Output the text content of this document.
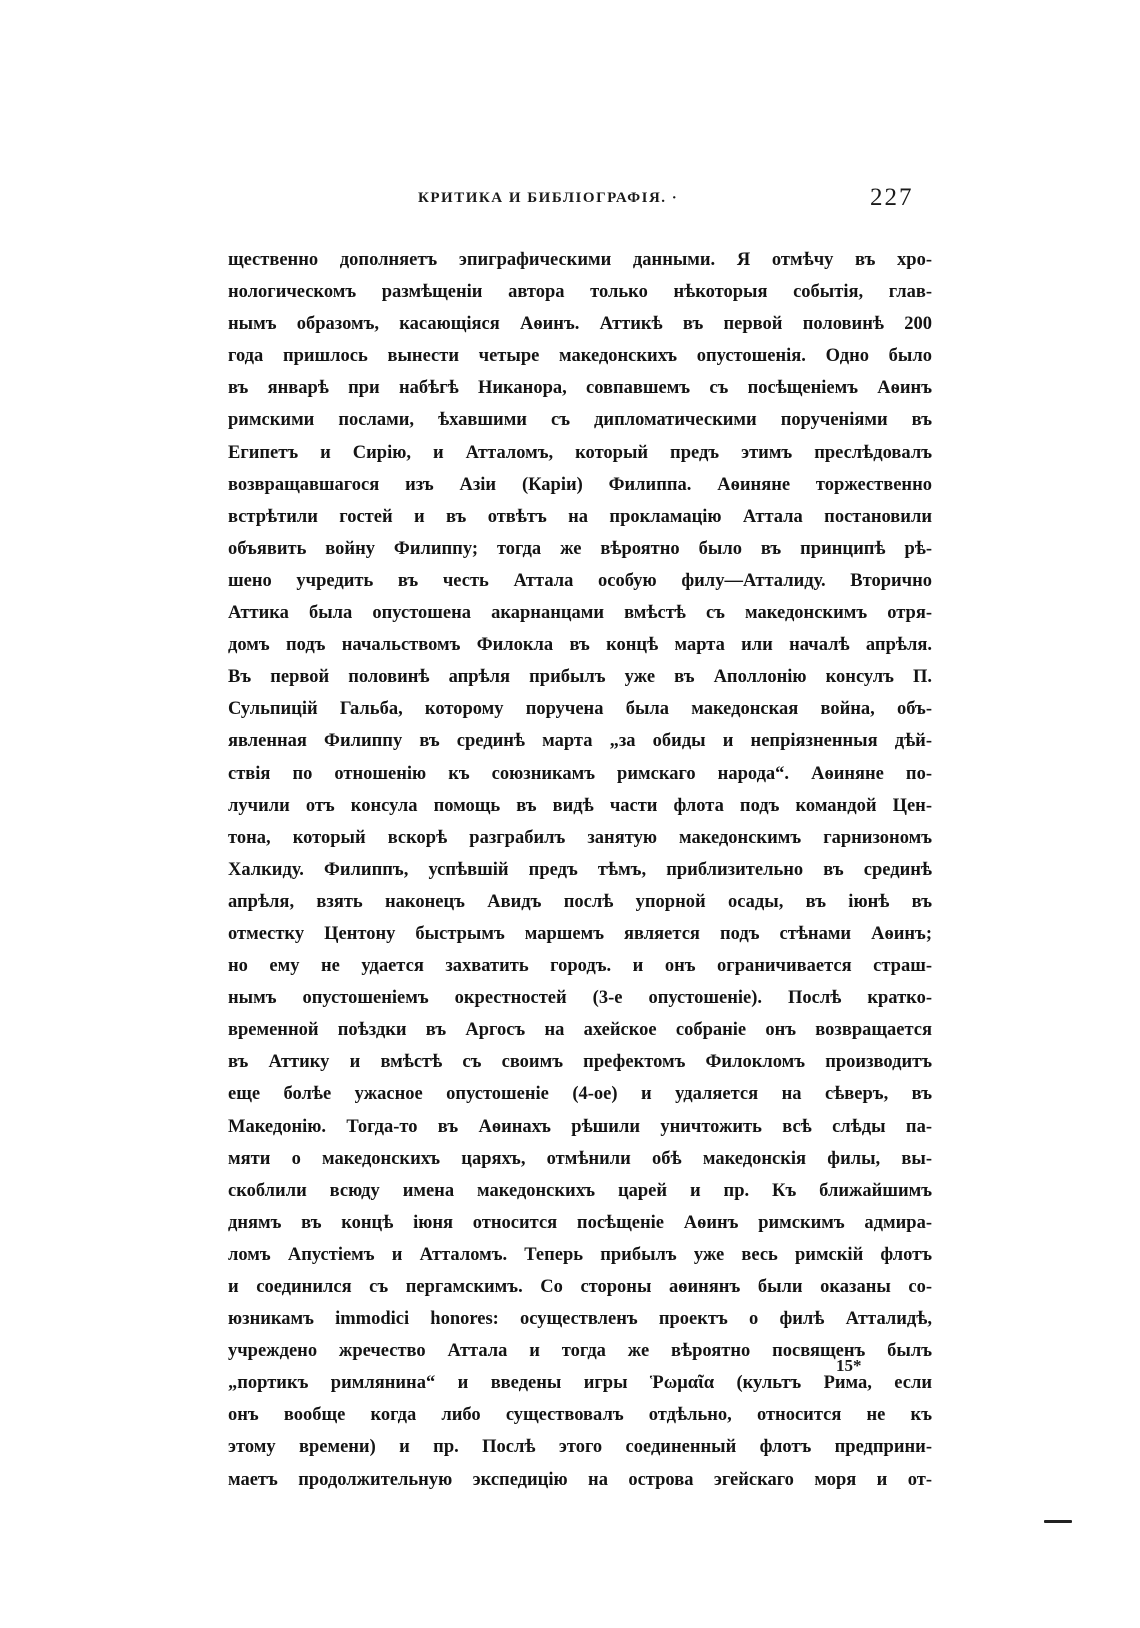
КРИТИКА И БИБЛІОГРАФІЯ. ·	227
щественно дополняетъ эпиграфическими данными. Я отмѣчу въ хро-
нологическомъ размѣщеніи автора только нѣкоторыя событія, глав-
нымъ образомъ, касающіяся Аѳинъ. Аттикѣ въ первой половинѣ 200
года пришлось вынести четыре македонскихъ опустошенія. Одно было
въ январѣ при набѣгѣ Никанора, совпавшемъ съ посѣщеніемъ Аѳинъ
римскими послами, ѣхавшими съ дипломатическими порученіями въ
Египетъ и Сирію, и Атталомъ, который предъ этимъ преслѣдовалъ
возвращавшагося изъ Азіи (Каріи) Филиппа. Аѳиняне торжественно
встрѣтили гостей и въ отвѣтъ на прокламацію Аттала постановили
объявить войну Филиппу; тогда же вѣроятно было въ принципѣ рѣ-
шено учредить въ честь Аттала особую филу—Атталиду. Вторично
Аттика была опустошена акарнанцами вмѣстѣ съ македонскимъ отря-
домъ подъ начальствомъ Филокла въ концѣ марта или началѣ апрѣля.
Въ первой половинѣ апрѣля прибылъ уже въ Аполлонію консулъ П.
Сульпицій Гальба, которому поручена была македонская война, объ-
явленная Филиппу въ срединѣ марта „за обиды и непріязненныя дѣй-
ствія по отношенію къ союзникамъ римскаго народа“. Аѳиняне по-
лучили отъ консула помощь въ видѣ части флота подъ командой Цен-
тона, который вскорѣ разграбилъ занятую македонскимъ гарнизономъ
Халкиду. Филиппъ, успѣвшій предъ тѣмъ, приблизительно въ срединѣ
апрѣля, взять наконецъ Авидъ послѣ упорной осады, въ іюнѣ въ
отместку Центону быстрымъ маршемъ является подъ стѣнами Аѳинъ;
но ему не удается захватить городъ. и онъ ограничивается страш-
нымъ опустошеніемъ окрестностей (3-е опустошеніе). Послѣ кратко-
временной поѣздки въ Аргосъ на ахейское собраніе онъ возвращается
въ Аттику и вмѣстѣ съ своимъ префектомъ Филокломъ производитъ
еще болѣе ужасное опустошеніе (4-ое) и удаляется на сѣверъ, въ
Македонію. Тогда-то въ Аѳинахъ рѣшили уничтожить всѣ слѣды па-
мяти о македонскихъ царяхъ, отмѣнили обѣ македонскія филы, вы-
скоблили всюду имена македонскихъ царей и пр. Къ ближайшимъ
днямъ въ концѣ іюня относится посѣщеніе Аѳинъ римскимъ адмира-
ломъ Апустіемъ и Атталомъ. Теперь прибылъ уже весь римскій флотъ
и соединился съ пергамскимъ. Со стороны аѳинянъ были оказаны со-
юзникамъ immodici honores: осуществленъ проектъ о филѣ Атталидѣ,
учреждено жречество Аттала и тогда же вѣроятно посвященъ былъ
„портикъ римлянина“ и введены игры Ῥωμαῖα (культъ Рима, если
онъ вообще когда либо существовалъ отдѣльно, относится не къ
этому времени) и пр. Послѣ этого соединенный флотъ предприни-
маетъ продолжительную экспедицію на острова эгейскаго моря и от-
15*
